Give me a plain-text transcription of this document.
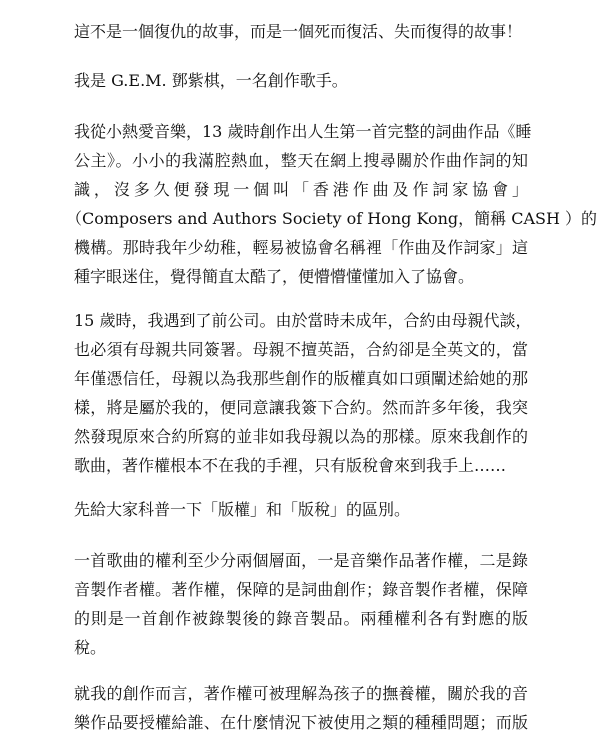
這不是一個復仇的故事，而是一個死而復活、失而復得的故事！
我是 G.E.M. 鄧紫棋，一名創作歌手。
我從小熱愛音樂，13 歲時創作出人生第一首完整的詞曲作品《睡
公主》。小小的我滿腔熱血，整天在網上搜尋關於作曲作詞的知
識，沒多久便發現一個叫「香港作曲及作詞家協會」
（Composers and Authors Society of Hong Kong，簡稱 CASH ）的
機構。那時我年少幼稚，輕易被協會名稱裡「作曲及作詞家」這
種字眼迷住，覺得簡直太酷了，便懵懵懂懂加入了協會。
15 歲時，我遇到了前公司。由於當時未成年，合約由母親代談，
也必須有母親共同簽署。母親不擅英語，合約卻是全英文的，當
年僅憑信任，母親以為我那些創作的版權真如口頭闡述給她的那
樣，將是屬於我的，便同意讓我簽下合約。然而許多年後，我突
然發現原來合約所寫的並非如我母親以為的那樣。原來我創作的
歌曲，著作權根本不在我的手裡，只有版稅會來到我手上……
先給大家科普一下「版權」和「版稅」的區別。
一首歌曲的權利至少分兩個層面，一是音樂作品著作權，二是錄
音製作者權。著作權，保障的是詞曲創作；錄音製作者權，保障
的則是一首創作被錄製後的錄音製品。兩種權利各有對應的版
稅。
就我的創作而言，著作權可被理解為孩子的撫養權，關於我的音
樂作品要授權給誰、在什麼情況下被使用之類的種種問題；而版
